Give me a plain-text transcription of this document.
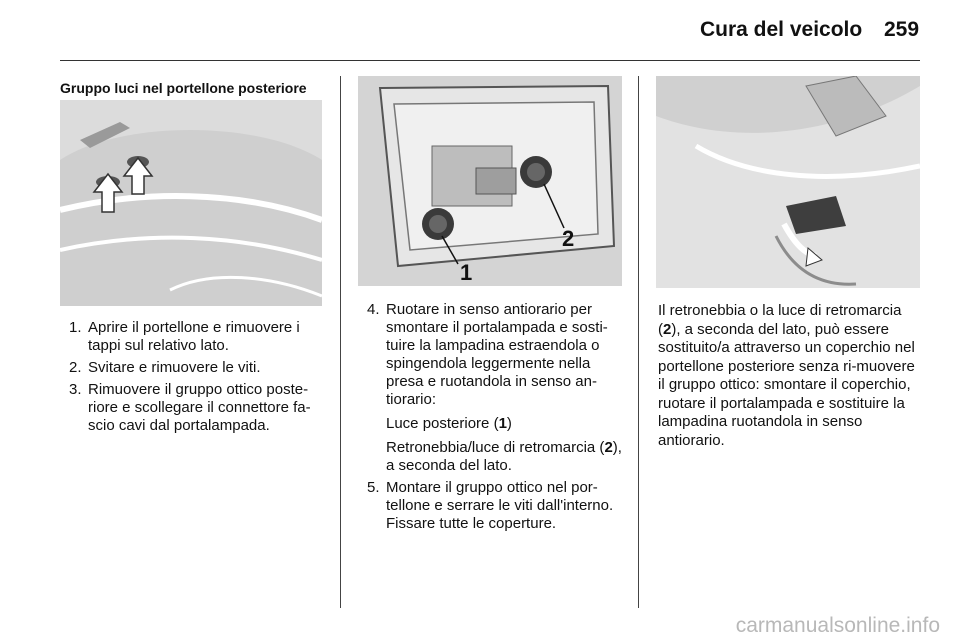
Cura del veicolo 259
Gruppo luci nel portellone posteriore
1
2
1. Aprire il portellone e rimuovere i tappi sul relativo lato.
2. Svitare e rimuovere le viti.
3. Rimuovere il gruppo ottico poste-riore e scollegare il connettore fa-scio cavi dal portalampada.
4. Ruotare in senso antiorario per smontare il portalampada e sosti-tuire la lampadina estraendola o spingendola leggermente nella presa e ruotandola in senso an-tiorario:
Luce posteriore (1)
Retronebbia/luce di retromarcia (2), a seconda del lato.
5. Montare il gruppo ottico nel por-tellone e serrare le viti dall'interno. Fissare tutte le coperture.

Il retronebbia o la luce di retromarcia (2), a seconda del lato, può essere sostituito/a attraverso un coperchio nel portellone posteriore senza ri-muovere il gruppo ottico: smontare il coperchio, ruotare il portalampada e sostituire la lampadina ruotandola in senso antiorario.

carmanualsonline.info
